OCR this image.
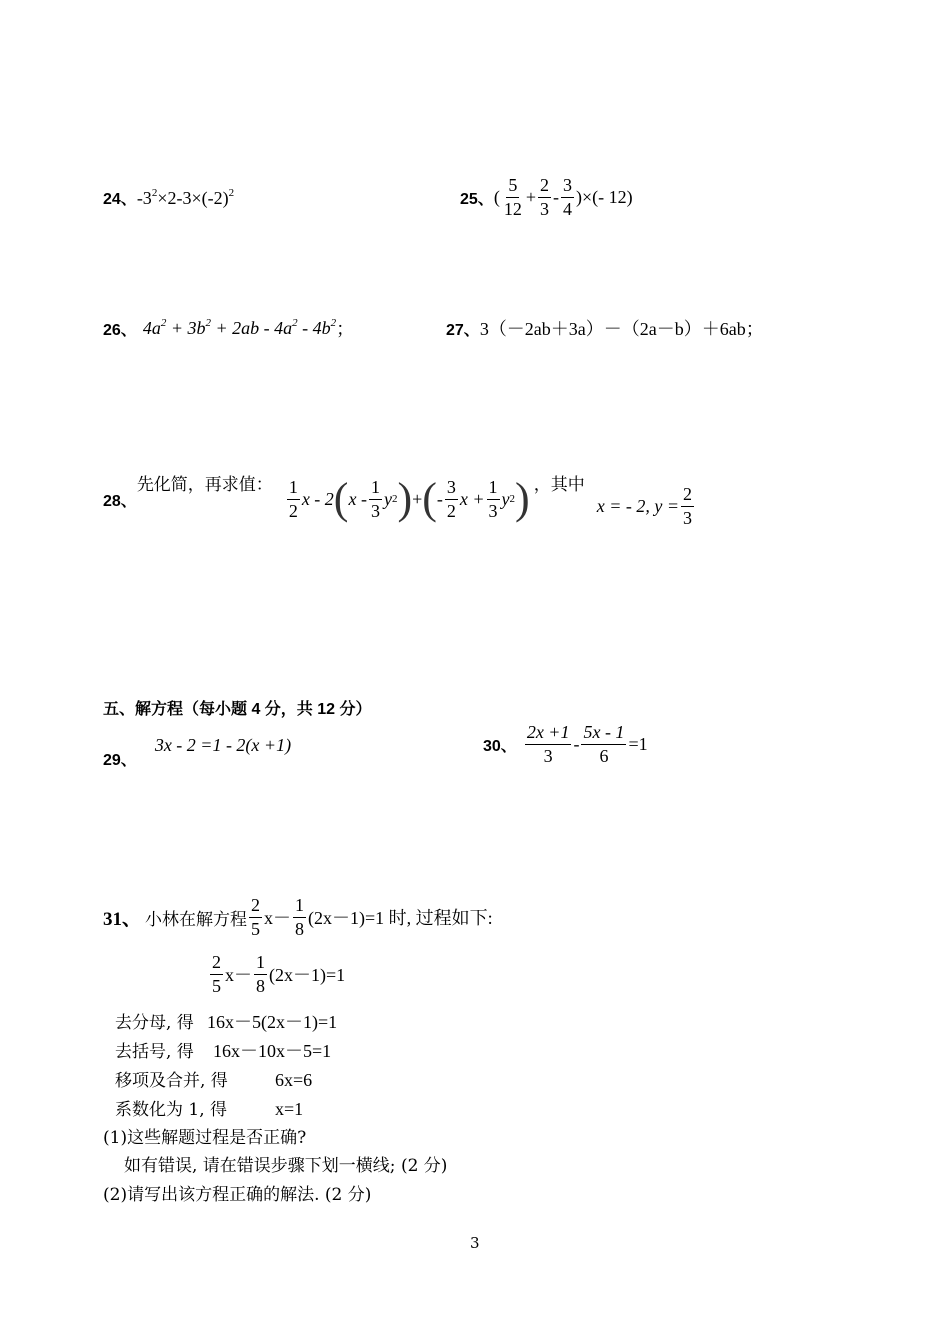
24、 $-3^2\times 2-3\times(-2)^2$	25、 ( $\frac{5}{12} + \frac{2}{3} - \frac{3}{4}$ )×(- 12)
26、 $4a^2 + 3b^2 + 2ab - 4a^2 - 4b^2$ ；	27、 3（－2ab＋3a）－（2a－b）＋6ab；
28、
先化简，再求值： $\frac{1}{2}$ x - 2 ( x - $\frac{1}{3}$ y 2 ) + ( - $\frac{3}{2}$ $x + \frac{1}{3}$ y 2 ) ，其中
x = - 2, $y = \frac{2}{3}$
五、解方程（每小题 4 分，共 12 分）
29、
3x - 2 =1 - 2(x +1)	30、 $\frac{2x +1}{3} - \frac{5x - 1}{6} =1$
31、 小林在解方程 $\frac{2}{5} x- \frac{1}{8} (2x-1)=1$ 时, 过程如下:
$\frac{2}{5} x- \frac{1}{8} (2x-1)=1$
去分母, 得 16x－5(2x－1)=1
去括号, 得 16x－10x－5=1
移项及合并, 得	6x=6
系数化为 1, 得	x=1
(1)这些解题过程是否正确?
如有错误, 请在错误步骤下划一横线; (2 分)
(2)请写出该方程正确的解法. (2 分)
3
